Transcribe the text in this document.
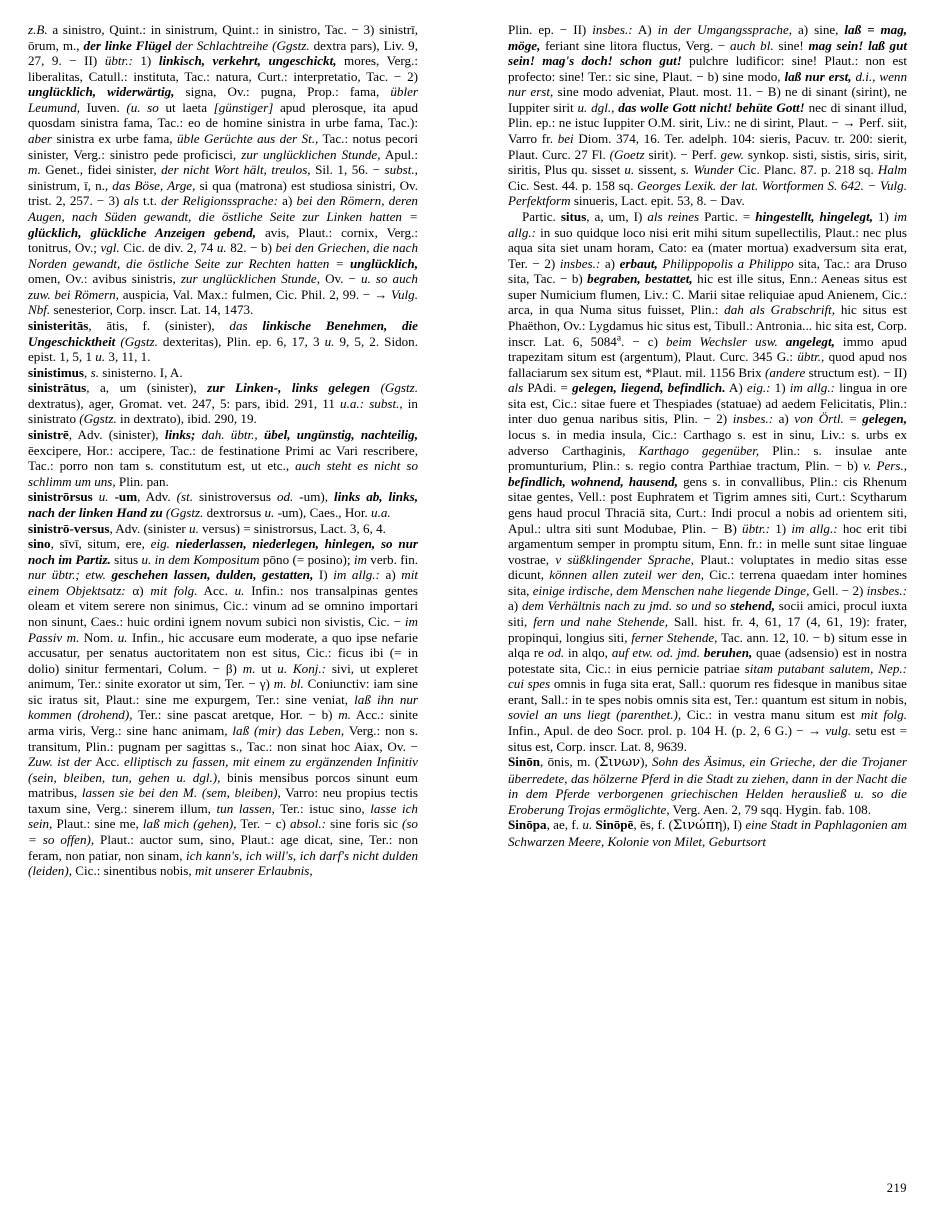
z.B. a sinistro, Quint.: in sinistrum, Quint.: in sinistro, Tac. − 3) sinistrī, ōrum, m., der linke Flügel der Schlachtreihe (Ggstz. dextra pars), Liv. 9, 27, 9. − II) übtr.: 1) linkisch, verkehrt, ungeschickt, mores, Verg.: liberalitas, Catull.: instituta, Tac.: natura, Curt.: interpretatio, Tac. − 2) unglücklich, widerwärtig, signa, Ov.: pugna, Prop.: fama, übler Leumund, Iuven. (u. so ut laeta [günstiger] apud plerosque, ita apud quosdam sinistra fama, Tac.: eo de homine sinistra in urbe fama, Tac.): aber sinistra ex urbe fama, üble Gerüchte aus der St., Tac.: notus pecori sinister, Verg.: sinistro pede proficisci, zur unglücklichen Stunde, Apul.: m. Genet., fidei sinister, der nicht Wort hält, treulos, Sil. 1, 56. − subst., sinistrum, ī, n., das Böse, Arge, si qua (matrona) est studiosa sinistri, Ov. trist. 2, 257. − 3) als t.t. der Religionssprache: a) bei den Römern, deren Augen, nach Süden gewandt, die östliche Seite zur Linken hatten = glücklich, glückliche Anzeigen gebend, avis, Plaut.: cornix, Verg.: tonitrus, Ov.; vgl. Cic. de div. 2, 74 u. 82. − b) bei den Griechen, die nach Norden gewandt, die östliche Seite zur Rechten hatten = unglücklich, omen, Ov.: avibus sinistris, zur unglücklichen Stunde, Ov. − u. so auch zuw. bei Römern, auspicia, Val. Max.: fulmen, Cic. Phil. 2, 99. − → Vulg. Nbf. senesterior, Corp. inscr. Lat. 14, 1473.
sinisteritās, ātis, f. (sinister), das linkische Benehmen, die Ungeschicktheit (Ggstz. dexteritas), Plin. ep. 6, 17, 3 u. 9, 5, 2. Sidon. epist. 1, 5, 1 u. 3, 11, 1.
sinistimus, s. sinisterno. I, A.
sinistrātus, a, um (sinister), zur Linken-, links gelegen (Ggstz. dextratus), ager, Gromat. vet. 247, 5: pars, ibid. 291, 11 u.a.: subst., in sinistrato (Ggstz. in dextrato), ibid. 290, 19.
sinistrē, Adv. (sinister), links; dah. übtr., übel, ungünstig, nachteilig, ēexcipere, Hor.: accipere, Tac.: de festinatione Primi ac Vari rescribere, Tac.: porro non tam s. constitutum est, ut etc., auch steht es nicht so schlimm um uns, Plin. pan.
sinistrōrsus u. -um, Adv. (st. sinistroversus od. -um), links ab, links, nach der linken Hand zu (Ggstz. dextrorsus u. -um), Caes., Hor. u.a.
sinistrō-versus, Adv. (sinister u. versus) = sinistrorsus, Lact. 3, 6, 4.
sino, sīvī, situm, ere, eig. niederlassen, niederlegen, hinlegen, so nur noch im Partiz. situs u. in dem Kompositum pōno (= posino); im verb. fin. nur übtr.; etw. geschehen lassen, dulden, gestatten, I) im allg.: a) mit einem Objektsatz: α) mit folg. Acc. u. Infin.: nos transalpinas gentes oleam et vitem serere non sinimus, Cic.: vinum ad se omnino importari non sinunt, Caes.: huic ordini ignem novum subici non sivistis, Cic. − im Passiv m. Nom. u. Infin., hic accusare eum moderate, a quo ipse nefarie accusatur, per senatus auctoritatem non est situs, Cic.: ficus ibi (= in dolio) sinitur fermentari, Colum. − β) m. ut u. Konj.: sivi, ut expleret animum, Ter.: sinite exorator ut sim, Ter. − γ) m. bl. Coniunctiv: iam sine sic iratus sit, Plaut.: sine me expurgem, Ter.: sine veniat, laß ihn nur kommen (drohend), Ter.: sine pascat aretque, Hor. − b) m. Acc.: sinite arma viris, Verg.: sine hanc animam, laß (mir) das Leben, Verg.: non s. transitum, Plin.: pugnam per sagittas s., Tac.: non sinat hoc Aiax, Ov. − Zuw. ist der Acc. elliptisch zu fassen, mit einem zu ergänzenden Infinitiv (sein, bleiben, tun, gehen u. dgl.), binis mensibus porcos sinunt eum matribus, lassen sie bei den M. (sem, bleiben), Varro: neu propius tectis taxum sine, Verg.: sinerem illum, tun lassen, Ter.: istuc sino, lasse ich sein, Plaut.: sine me, laß mich (gehen), Ter. − c) absol.: sine foris sic (so = so offen), Plaut.: auctor sum, sino, Plaut.: age dicat, sine, Ter.: non feram, non patiar, non sinam, ich kann's, ich will's, ich darf's nicht dulden (leiden), Cic.: sinentibus nobis, mit unserer Erlaubnis,
Plin. ep. − II) insbes.: A) in der Umgangssprache, a) sine, laß = mag, möge, feriant sine litora fluctus, Verg. − auch bl. sine! mag sein! laß gut sein! mag's doch! schon gut! pulchre ludificor: sine! Plaut.: non est profecto: sine! Ter.: sic sine, Plaut. − b) sine modo, laß nur erst, d.i., wenn nur erst, sine modo adveniat, Plaut. most. 11. − B) ne di sinant (sirint), ne Iuppiter sirit u. dgl., das wolle Gott nicht! behüte Gott! nec di sinant illud, Plin. ep.: ne istuc Iuppiter O.M. sirit, Liv.: ne di sirint, Plaut. − → Perf. siit, Varro fr. bei Diom. 374, 16. Ter. adelph. 104: sieris, Pacuv. tr. 200: sierit, Plaut. Curc. 27 Fl. (Goetz sirit). − Perf. gew. synkop. sisti, sistis, siris, sirit, siritis, Plus qu. sisset u. sissent, s. Wunder Cic. Planc. 87. p. 218 sq. Halm Cic. Sest. 44. p. 158 sq. Georges Lexik. der lat. Wortformen S. 642. − Vulg. Perfektform sinueris, Lact. epit. 53, 8. − Dav.
Partic. situs, a, um, I) als reines Partic. = hingestellt, hingelegt, 1) im allg.: in suo quidque loco nisi erit mihi situm supellectilis, Plaut.: nec plus aqua sita siet unam horam, Cato: ea (mater mortua) exadversum sita erat, Ter. − 2) insbes.: a) erbaut, Philippopolis a Philippo sita, Tac.: ara Druso sita, Tac. − b) begraben, bestattet, hic est ille situs, Enn.: Aeneas situs est super Numicium flumen, Liv.: C. Marii sitae reliquiae apud Anienem, Cic.: arca, in qua Numa situs fuisset, Plin.: dah als Grabschrift, hic situs est Phaëthon, Ov.: Lygdamus hic situs est, Tibull.: Antronia... hic sita est, Corp. inscr. Lat. 6, $5084^a$. − c) beim Wechsler usw. angelegt, immo apud trapezitam situm est (argentum), Plaut. Curc. 345 G.: übtr., quod apud nos fallaciarum sex situm est, *Plaut. mil. 1156 Brix (andere structum est). − II) als PAdi. = gelegen, liegend, befindlich. A) eig.: 1) im allg.: lingua in ore sita est, Cic.: sitae fuere et Thespiades (statuae) ad aedem Felicitatis, Plin.: inter duo genua naribus sitis, Plin. − 2) insbes.: a) von Örtl. = gelegen, locus s. in media insula, Cic.: Carthago s. est in sinu, Liv.: s. urbs ex adverso Carthaginis, Karthago gegenüber, Plin.: s. insulae ante promunturium, Plin.: s. regio contra Parthiae tractum, Plin. − b) v. Pers., befindlich, wohnend, hausend, gens s. in convallibus, Plin.: cis Rhenum sitae gentes, Vell.: post Euphratem et Tigrim amnes siti, Curt.: Scytharum gens haud procul Thraciā sita, Curt.: Indi procul a nobis ad orientem siti, Apul.: ultra siti sunt Modubae, Plin. − B) übtr.: 1) im allg.: hoc erit tibi argamentum semper in promptu situm, Enn. fr.: in melle sunt sitae linguae vostrae, v süßklingender Sprache, Plaut.: voluptates in medio sitas esse dicunt, können allen zuteil wer den, Cic.: terrena quaedam inter homines sita, einige irdische, dem Menschen nahe liegende Dinge, Gell. − 2) insbes.: a) dem Verhältnis nach zu jmd. so und so stehend, socii amici, procul iuxta siti, fern und nahe Stehende, Sall. hist. fr. 4, 61, 17 (4, 61, 19): frater, propinqui, longius siti, ferner Stehende, Tac. ann. 12, 10. − b) situm esse in alqa re od. in alqo, auf etw. od. jmd. beruhen, quae (adsensio) est in nostra potestate sita, Cic.: in eius pernicie patriae sitam putabant salutem, Nep.: cui spes omnis in fuga sita erat, Sall.: quorum res fidesque in manibus sitae erant, Sall.: in te spes nobis omnis sita est, Ter.: quantum est situm in nobis, soviel an uns liegt (parenthet.), Cic.: in vestra manu situm est mit folg. Infin., Apul. de deo Socr. prol. p. 104 H. (p. 2, 6 G.) − → vulg. setu est = situs est, Corp. inscr. Lat. 8, 9639.
Sinōn, ōnis, m. (Σινων), Sohn des Äsimus, ein Grieche, der die Trojaner überredete, das hölzerne Pferd in die Stadt zu ziehen, dann in der Nacht die in dem Pferde verborgenen griechischen Helden herausließ u. so die Eroberung Trojas ermöglichte, Verg. Aen. 2, 79 sqq. Hygin. fab. 108.
Sinōpa, ae, f. u. Sinōpē, ēs, f. (Σινώπη), I) eine Stadt in Paphlagonien am Schwarzen Meere, Kolonie von Milet, Geburtsort
219
